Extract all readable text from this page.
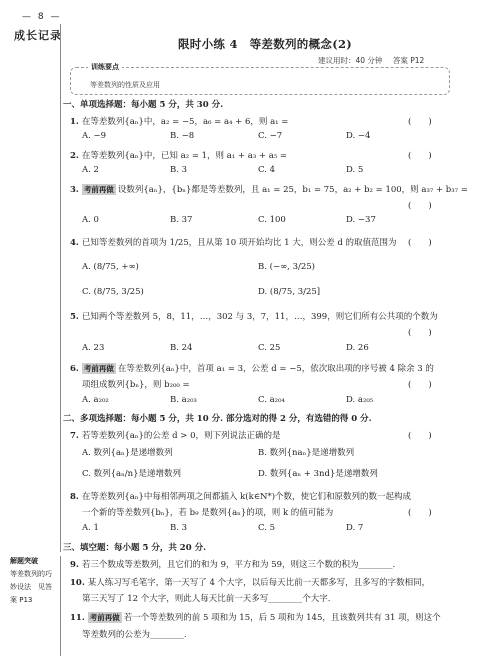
— 8 —
成长记录
解题突破
等差数列的巧
妙设法　见答
案 P13
限时小练 4　等差数列的概念(2)
建议用时：40 分钟 答案 P12
训练要点
等差数列的性质及应用
一、单项选择题：每小题 5 分，共 30 分.
1. 在等差数列{aₙ}中，a₂ = −5，a₆ = a₄ + 6，则 a₁ =	(　　)
A. −9	B. −8	C. −7	D. −4
2. 在等差数列{aₙ}中，已知 a₂ = 1，则 a₁ + a₃ + a₅ =	(　　)
A. 2	B. 3	C. 4	D. 5
3. 考前再做 设数列{aₙ}，{bₙ}都是等差数列，且 a₁ = 25，b₁ = 75，a₂ + b₂ = 100，则 a₃₇ + b₃₇ =
(　　)
A. 0	B. 37	C. 100	D. −37
4. 已知等差数列的首项为 1/25，且从第 10 项开始均比 1 大，则公差 d 的取值范围为 (　　)
A. (8/75, +∞)	B. (−∞, 3/25)
C. (8/75, 3/25)	D. (8/75, 3/25]
5. 已知两个等差数列 5，8，11，…，302 与 3，7，11，…，399，则它们所有公共项的个数为
(　　)
A. 23	B. 24	C. 25	D. 26
6. 考前再做 在等差数列{aₙ}中，首项 a₁ = 3，公差 d = −5，依次取出项的序号被 4 除余 3 的
项组成数列{bₙ}，则 b₂₀₀ =	(　　)
A. a₂₀₂	B. a₂₀₃	C. a₂₀₄	D. a₂₀₅
二、多项选择题：每小题 5 分，共 10 分. 部分选对的得 2 分，有选错的得 0 分.
7. 若等差数列{aₙ}的公差 d > 0，则下列说法正确的是	(　　)
A. 数列{aₙ}是递增数列	B. 数列{naₙ}是递增数列
C. 数列{aₙ/n}是递增数列	D. 数列{aₙ + 3nd}是递增数列
8. 在等差数列{aₙ}中每相邻两项之间都插入 k(k∈N*)个数，使它们和原数列的数一起构成
一个新的等差数列{bₙ}，若 b₉ 是数列{aₙ}的项，则 k 的值可能为	(　　)
A. 1	B. 3	C. 5	D. 7
三、填空题：每小题 5 分，共 20 分.
9. 若三个数成等差数列，且它们的和为 9，平方和为 59，则这三个数的积为________.
10. 某人练习写毛笔字，第一天写了 4 个大字，以后每天比前一天都多写，且多写的字数相同，
第三天写了 12 个大字，则此人每天比前一天多写________个大字.
11. 考前再做 若一个等差数列的前 5 项和为 15，后 5 项和为 145，且该数列共有 31 项，则这个
等差数列的公差为________.
